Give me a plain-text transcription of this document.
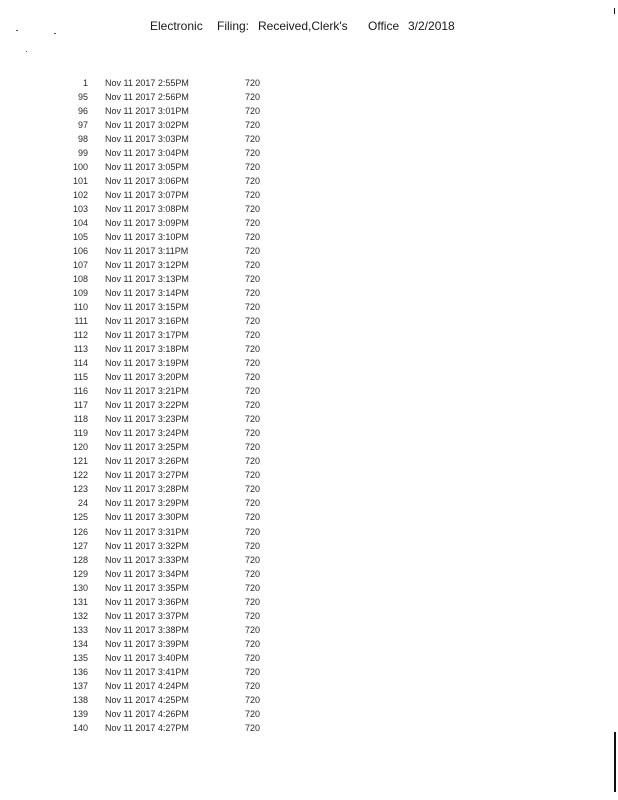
Electronic Filing: Received,Clerk's Office 3/2/2018
1 Nov 11 2017 2:55PM	720
95 Nov 11 2017 2:56PM	720
96 Nov 11 2017 3:01PM	720
97 Nov 11 2017 3:02PM	720
98 Nov 11 2017 3:03PM	720
99 Nov 11 2017 3:04PM	720
100 Nov 11 2017 3:05PM	720
101 Nov 11 2017 3:06PM	720
102 Nov 11 2017 3:07PM	720
103 Nov 11 2017 3:08PM	720
104 Nov 11 2017 3:09PM	720
105 Nov 11 2017 3:10PM	720
106 Nov 11 2017 3:11PM	720
107 Nov 11 2017 3:12PM	720
108 Nov 11 2017 3:13PM	720
109 Nov 11 2017 3:14PM	720
110 Nov 11 2017 3:15PM	720
111 Nov 11 2017 3:16PM	720
112 Nov 11 2017 3:17PM	720
113 Nov 11 2017 3:18PM	720
114 Nov 11 2017 3:19PM	720
115 Nov 11 2017 3:20PM	720
116 Nov 11 2017 3:21PM	720
117 Nov 11 2017 3:22PM	720
118 Nov 11 2017 3:23PM	720
119 Nov 11 2017 3:24PM	720
120 Nov 11 2017 3:25PM	720
121 Nov 11 2017 3:26PM	720
122 Nov 11 2017 3:27PM	720
123 Nov 11 2017 3:28PM	720
24 Nov 11 2017 3:29PM	720
125 Nov 11 2017 3:30PM	720
126 Nov 11 2017 3:31PM	720
127 Nov 11 2017 3:32PM	720
128 Nov 11 2017 3:33PM	720
129 Nov 11 2017 3:34PM	720
130 Nov 11 2017 3:35PM	720
131 Nov 11 2017 3:36PM	720
132 Nov 11 2017 3:37PM	720
133 Nov 11 2017 3:38PM	720
134 Nov 11 2017 3:39PM	720
135 Nov 11 2017 3:40PM	720
136 Nov 11 2017 3:41PM	720
137 Nov 11 2017 4:24PM	720
138 Nov 11 2017 4:25PM	720
139 Nov 11 2017 4:26PM	720
140 Nov 11 2017 4:27PM	720
